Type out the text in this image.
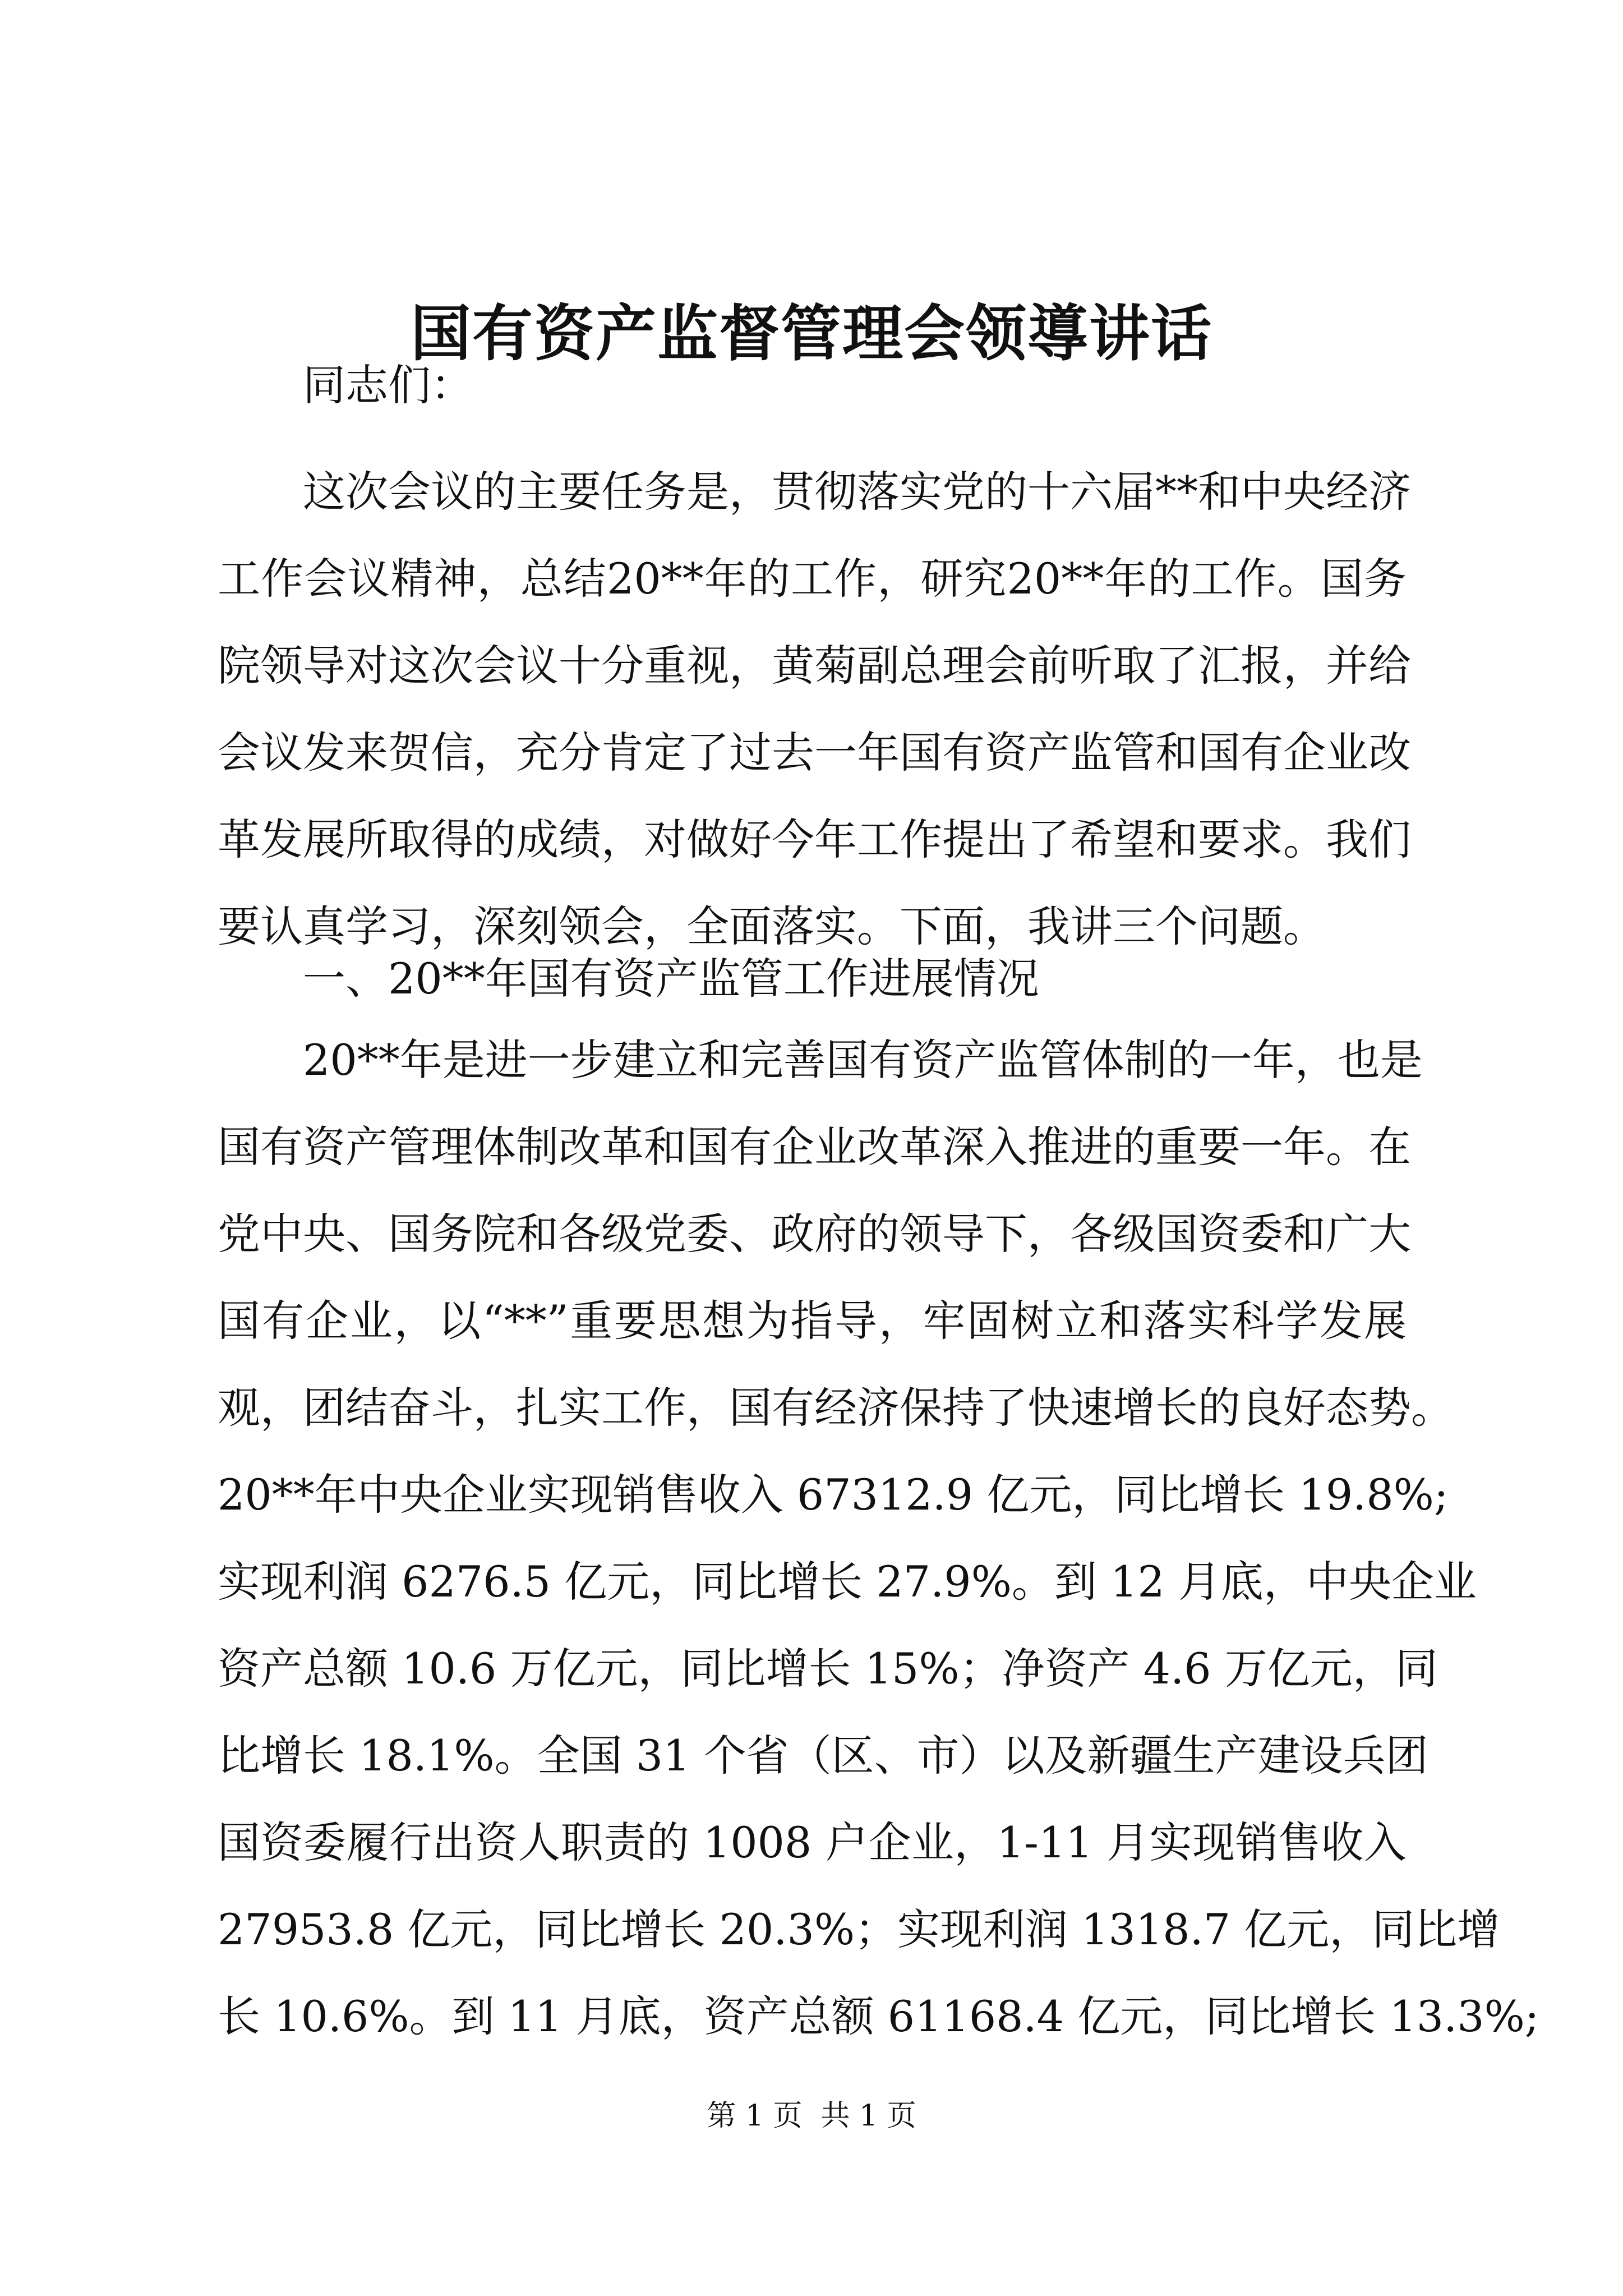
国有资产监督管理会领導讲话
同志们：
这次会议的主要任务是，贯彻落实党的十六届**和中央经济
工作会议精神，总结20**年的工作，研究20**年的工作。国务
院领导对这次会议十分重视，黄菊副总理会前听取了汇报，并给
会议发来贺信，充分肯定了过去一年国有资产监管和国有企业改
革发展所取得的成绩，对做好今年工作提出了希望和要求。我们
要认真学习，深刻领会，全面落实。下面，我讲三个问题。
一、20**年国有资产监管工作进展情况
20**年是进一步建立和完善国有资产监管体制的一年，也是
国有资产管理体制改革和国有企业改革深入推进的重要一年。在
党中央、国务院和各级党委、政府的领导下，各级国资委和广大
国有企业，以“**”重要思想为指导，牢固树立和落实科学发展
观，团结奋斗，扎实工作，国有经济保持了快速增长的良好态势。
20**年中央企业实现销售收入 67312.9 亿元，同比增长 19.8%;
实现利润 6276.5 亿元，同比增长 27.9%。到 12 月底，中央企业
资产总额 10.6 万亿元，同比增长 15%；净资产 4.6 万亿元，同
比增长 18.1%。全国 31 个省（区、市）以及新疆生产建设兵团
国资委履行出资人职责的 1008 户企业，1-11 月实现销售收入
27953.8 亿元，同比增长 20.3%；实现利润 1318.7 亿元，同比增
长 10.6%。到 11 月底，资产总额 61168.4 亿元，同比增长 13.3%;
第 1 页  共 1 页
